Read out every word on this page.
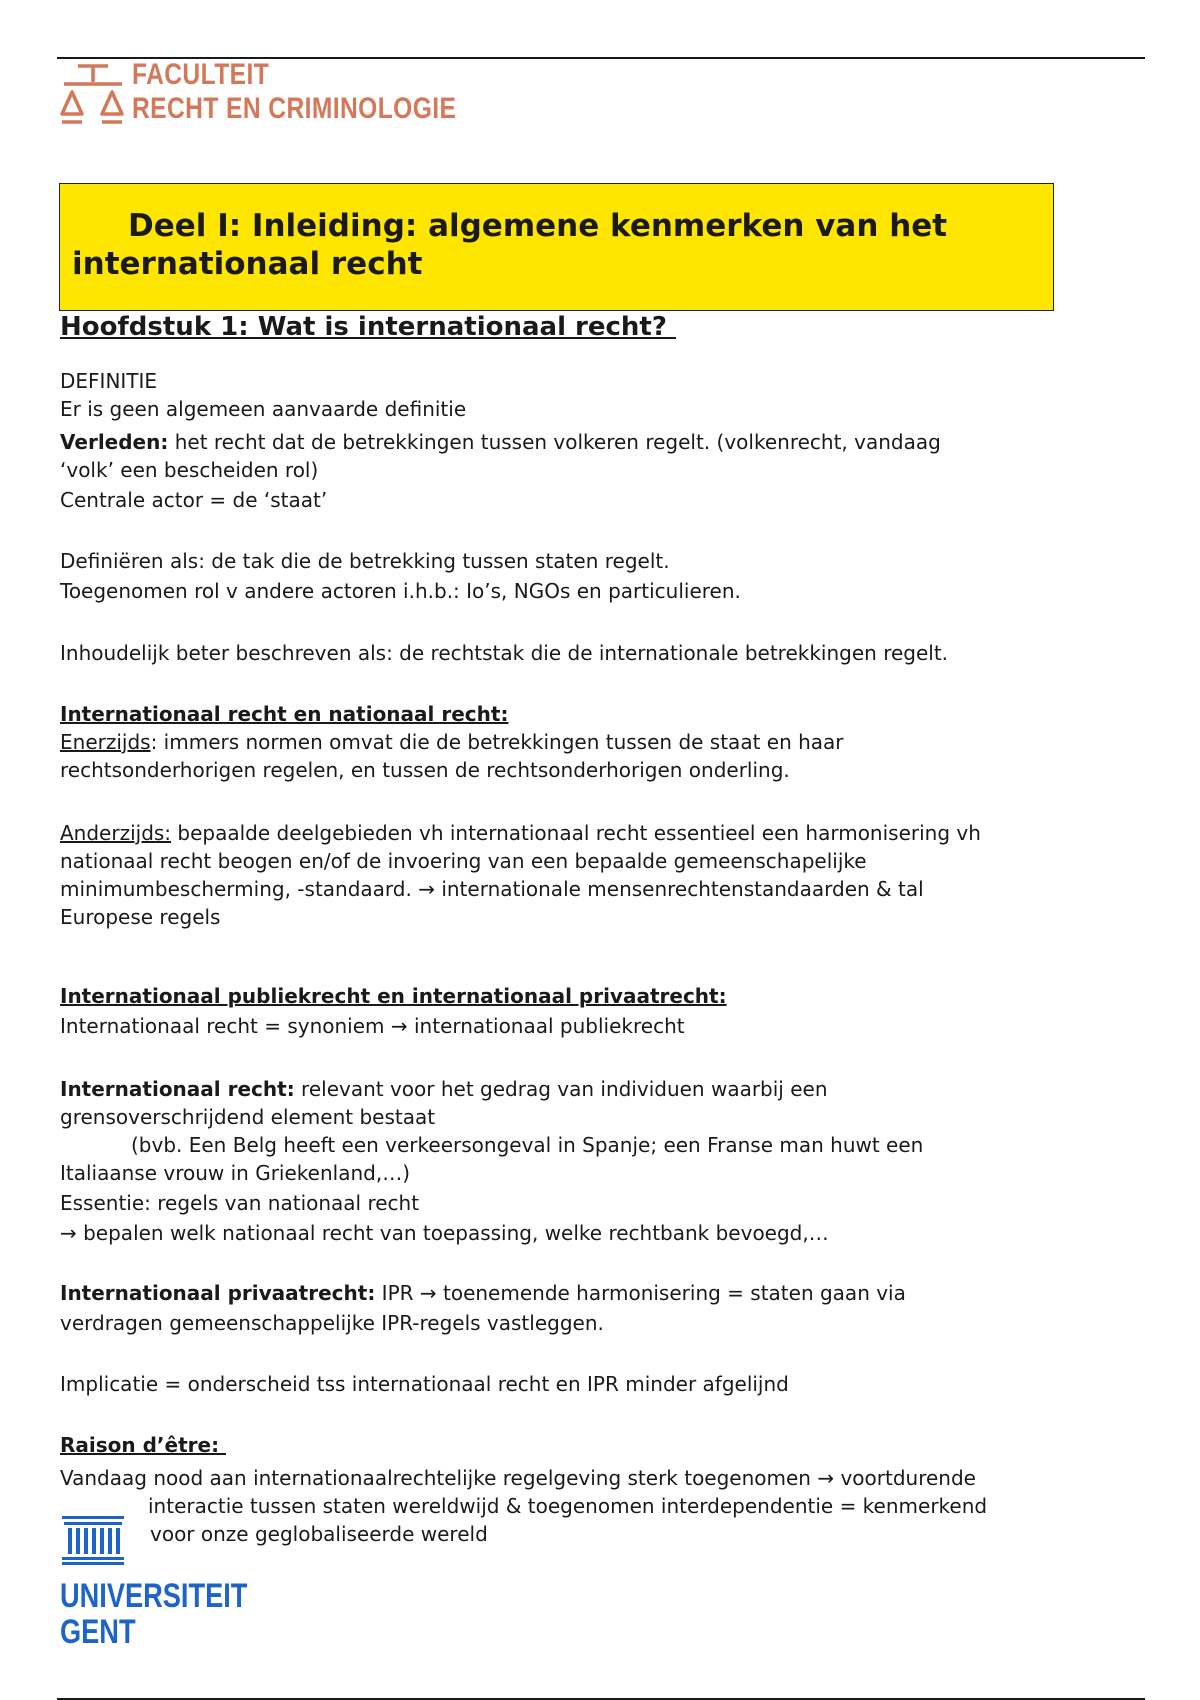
FACULTEIT
RECHT EN CRIMINOLOGIE
Deel I: Inleiding: algemene kenmerken van het
internationaal recht
Hoofdstuk 1: Wat is internationaal recht?
DEFINITIE
Er is geen algemeen aanvaarde definitie
Verleden: het recht dat de betrekkingen tussen volkeren regelt. (volkenrecht, vandaag
‘volk’ een bescheiden rol)
Centrale actor = de ‘staat’
Definiëren als: de tak die de betrekking tussen staten regelt.
Toegenomen rol v andere actoren i.h.b.: Io’s, NGOs en particulieren.
Inhoudelijk beter beschreven als: de rechtstak die de internationale betrekkingen regelt.
Internationaal recht en nationaal recht:
Enerzijds: immers normen omvat die de betrekkingen tussen de staat en haar
rechtsonderhorigen regelen, en tussen de rechtsonderhorigen onderling.
Anderzijds: bepaalde deelgebieden vh internationaal recht essentieel een harmonisering vh
nationaal recht beogen en/of de invoering van een bepaalde gemeenschapelijke
minimumbescherming, -standaard. → internationale mensenrechtenstandaarden & tal
Europese regels
Internationaal publiekrecht en internationaal privaatrecht:
Internationaal recht = synoniem → internationaal publiekrecht
Internationaal recht: relevant voor het gedrag van individuen waarbij een
grensoverschrijdend element bestaat
(bvb. Een Belg heeft een verkeersongeval in Spanje; een Franse man huwt een
Italiaanse vrouw in Griekenland,…)
Essentie: regels van nationaal recht
→ bepalen welk nationaal recht van toepassing, welke rechtbank bevoegd,…
Internationaal privaatrecht: IPR → toenemende harmonisering = staten gaan via
verdragen gemeenschappelijke IPR-regels vastleggen.
Implicatie = onderscheid tss internationaal recht en IPR minder afgelijnd
Raison d’être:
Vandaag nood aan internationaalrechtelijke regelgeving sterk toegenomen → voortdurende
interactie tussen staten wereldwijd & toegenomen interdependentie = kenmerkend
voor onze geglobaliseerde wereld
UNIVERSITEIT
GENT
